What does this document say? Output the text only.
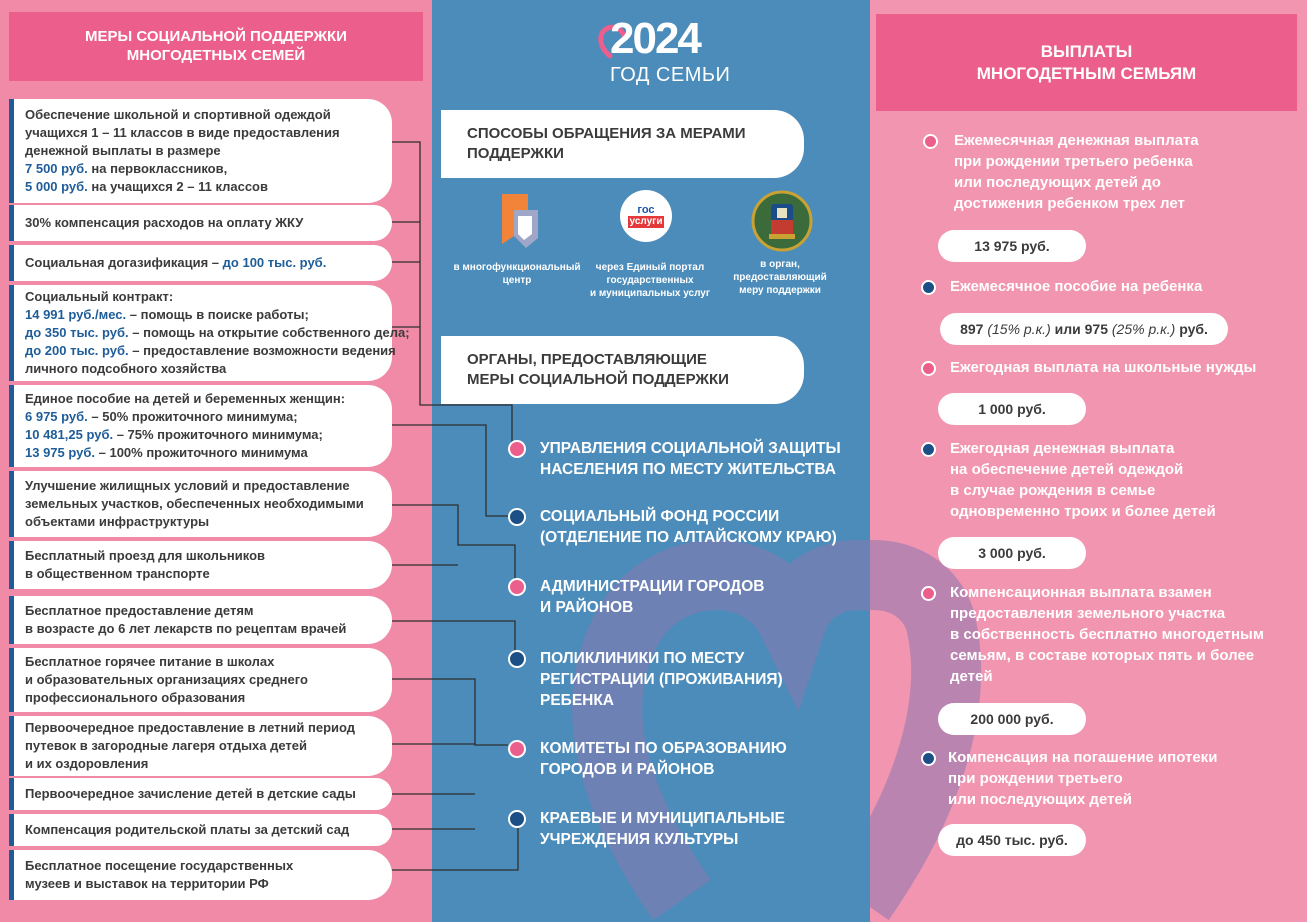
МЕРЫ СОЦИАЛЬНОЙ ПОДДЕРЖКИ
МНОГОДЕТНЫХ СЕМЕЙ	ВЫПЛАТЫ
МНОГОДЕТНЫМ СЕМЬЯМ
Обеспечение школьной и спортивной одеждой
учащихся 1 – 11 классов в виде предоставления
денежной выплаты в размере
7 500 руб. на первоклассников,
5 000 руб. на учащихся 2 – 11 классов
30% компенсация расходов на оплату ЖКУ
Социальная догазификация – до 100 тыс. руб.
Социальный контракт:
14 991 руб./мес. – помощь в поиске работы;
до 350 тыс. руб. – помощь на открытие собственного дела;
до 200 тыс. руб. – предоставление возможности ведения
личного подсобного хозяйства
Единое пособие на детей и беременных женщин:
6 975 руб. – 50% прожиточного минимума;
10 481,25 руб. – 75% прожиточного минимума;
13 975 руб. – 100% прожиточного минимума
Улучшение жилищных условий и предоставление
земельных участков, обеспеченных необходимыми
объектами инфраструктуры
Бесплатный проезд для школьников
в общественном транспорте
Бесплатное предоставление детям
в возрасте до 6 лет лекарств по рецептам врачей
Бесплатное горячее питание в школах
и образовательных организациях среднего
профессионального образования
Первоочередное предоставление в летний период
путевок в загородные лагеря отдыха детей
и их оздоровления
Первоочередное зачисление детей в детские сады
Компенсация родительской платы за детский сад
Бесплатное посещение государственных
музеев и выставок на территории РФ
2024
ГОД СЕМЬИ
СПОСОБЫ ОБРАЩЕНИЯ ЗА МЕРАМИ
ПОДДЕРЖКИ
ОРГАНЫ, ПРЕДОСТАВЛЯЮЩИЕ
МЕРЫ СОЦИАЛЬНОЙ ПОДДЕРЖКИ
гос
услуги
в многофункциональный
центр
через Единый портал
государственных
и муниципальных услуг
в орган,
предоставляющий
меру поддержки
УПРАВЛЕНИЯ СОЦИАЛЬНОЙ ЗАЩИТЫ
НАСЕЛЕНИЯ ПО МЕСТУ ЖИТЕЛЬСТВА
СОЦИАЛЬНЫЙ ФОНД РОССИИ
(ОТДЕЛЕНИЕ ПО АЛТАЙСКОМУ КРАЮ)
АДМИНИСТРАЦИИ ГОРОДОВ
И РАЙОНОВ
ПОЛИКЛИНИКИ ПО МЕСТУ
РЕГИСТРАЦИИ (ПРОЖИВАНИЯ)
РЕБЕНКА
КОМИТЕТЫ ПО ОБРАЗОВАНИЮ
ГОРОДОВ И РАЙОНОВ
КРАЕВЫЕ И МУНИЦИПАЛЬНЫЕ
УЧРЕЖДЕНИЯ КУЛЬТУРЫ
Ежемесячная денежная выплата
при рождении третьего ребенка
или последующих детей до
достижения ребенком трех лет
13 975 руб.
Ежемесячное пособие на ребенка
897 (15% р.к.) или 975 (25% р.к.) руб.
Ежегодная выплата на школьные нужды
1 000 руб.
Ежегодная денежная выплата
на обеспечение детей одеждой
в случае рождения в семье
одновременно троих и более детей
3 000 руб.
Компенсационная выплата взамен
предоставления земельного участка
в собственность бесплатно многодетным
семьям, в составе которых пять и более
детей
200 000 руб.
Компенсация на погашение ипотеки
при рождении третьего
или последующих детей
до 450 тыс. руб.
